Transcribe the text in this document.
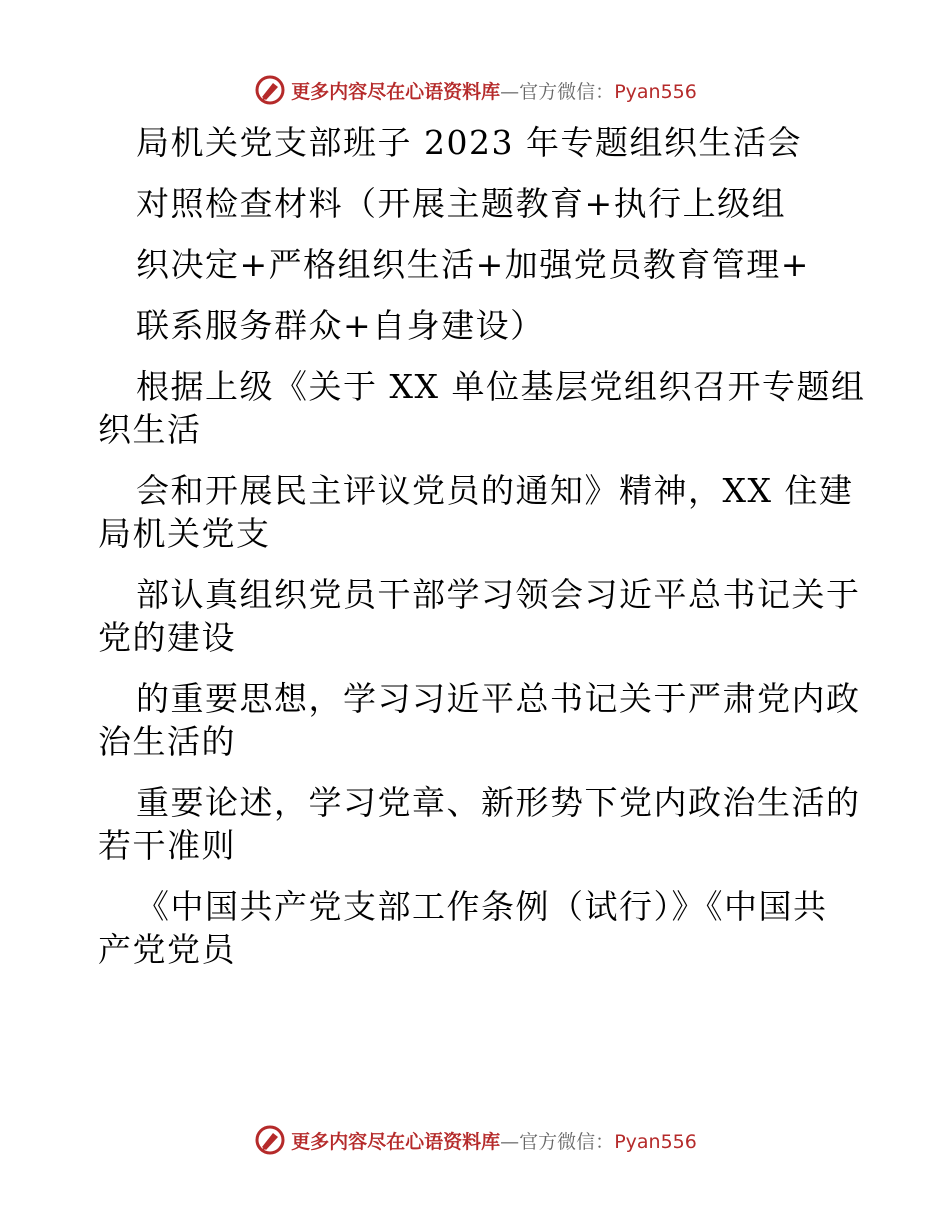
更多内容尽在心语资料库—官方微信：Pyan556
局机关党支部班子 2023 年专题组织生活会
对照检查材料（开展主题教育+执行上级组
织决定+严格组织生活+加强党员教育管理+
联系服务群众+自身建设）
根据上级《关于 XX 单位基层党组织召开专题组
织生活
会和开展民主评议党员的通知》精神，XX 住建
局机关党支
部认真组织党员干部学习领会习近平总书记关于
党的建设
的重要思想，学习习近平总书记关于严肃党内政
治生活的
重要论述，学习党章、新形势下党内政治生活的
若干准则
《中国共产党支部工作条例（试行）》《中国共
产党党员
更多内容尽在心语资料库—官方微信：Pyan556
